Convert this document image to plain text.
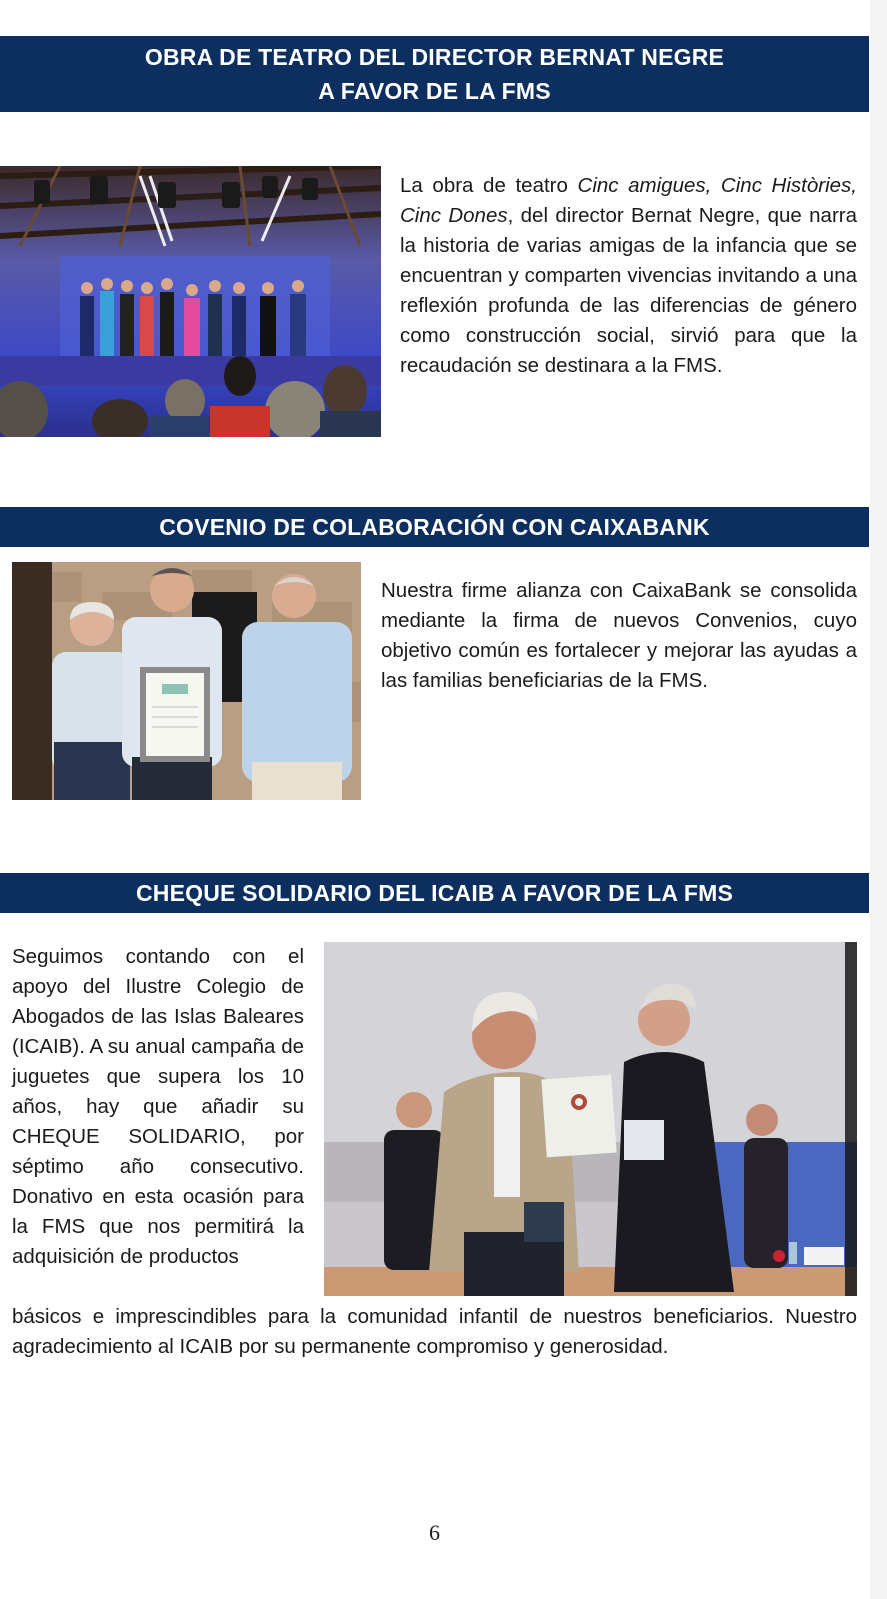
OBRA DE TEATRO DEL DIRECTOR BERNAT NEGRE
A FAVOR DE LA FMS

La obra de teatro Cinc amigues, Cinc Històries, Cinc Dones, del director Bernat Negre, que narra la historia de varias amigas de la infancia que se encuentran y comparten vivencias invitando a una reflexión profunda de las diferencias de género como construcción social, sirvió para que la recaudación se destinara a la FMS.

COVENIO DE COLABORACIÓN CON CAIXABANK

Nuestra firme alianza con CaixaBank se consolida mediante la firma de nuevos Convenios, cuyo objetivo común es fortalecer y mejorar las ayudas a las familias beneficiarias de la FMS.

CHEQUE SOLIDARIO DEL ICAIB A FAVOR DE LA FMS

Seguimos contando con el apoyo del Ilustre Colegio de Abogados de las Islas Baleares (ICAIB). A su anual campaña de juguetes que supera los 10 años, hay que añadir su CHEQUE SOLIDARIO, por séptimo año consecutivo. Donativo en esta ocasión para la FMS que nos permitirá la adquisición de productos

básicos e imprescindibles para la comunidad infantil de nuestros beneficiarios. Nuestro agradecimiento al ICAIB por su permanente compromiso y generosidad.

6
